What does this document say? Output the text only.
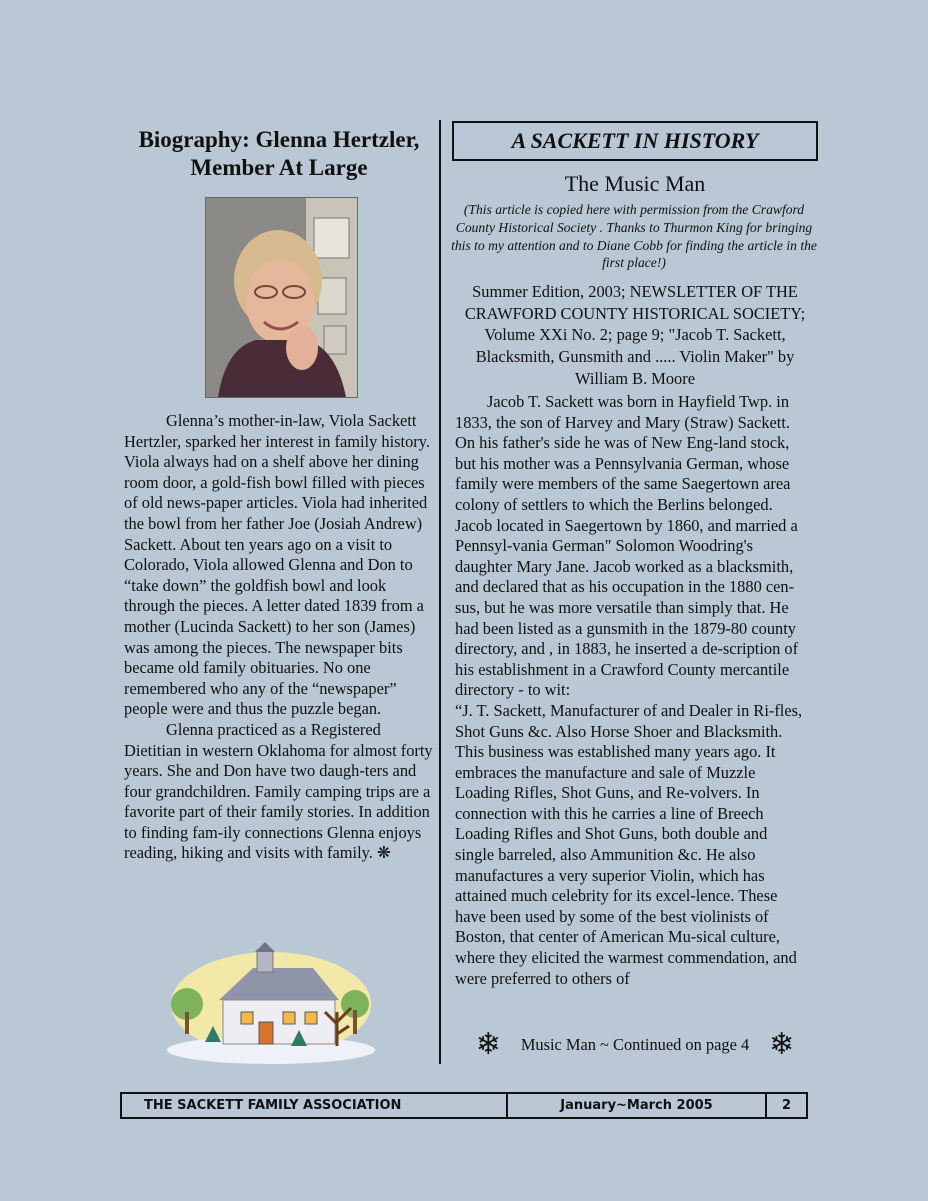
Biography: Glenna Hertzler, Member At Large

Glenna’s mother-in-law, Viola Sackett Hertzler, sparked her interest in family history. Viola always had on a shelf above her dining room door, a gold-fish bowl filled with pieces of old news-paper articles. Viola had inherited the bowl from her father Joe (Josiah Andrew) Sackett. About ten years ago on a visit to Colorado, Viola allowed Glenna and Don to “take down” the goldfish bowl and look through the pieces. A letter dated 1839 from a mother (Lucinda Sackett) to her son (James) was among the pieces. The newspaper bits became old family obituaries. No one remembered who any of the “newspaper” people were and thus the puzzle began.

Glenna practiced as a Registered Dietitian in western Oklahoma for almost forty years. She and Don have two daugh-ters and four grandchildren. Family camping trips are a favorite part of their family stories. In addition to finding fam-ily connections Glenna enjoys reading, hiking and visits with family. ❋

A SACKETT IN HISTORY
The Music Man
(This article is copied here with permission from the Crawford County Historical Society . Thanks to Thurmon King for bringing this to my attention and to Diane Cobb for finding the article in the first place!)
Summer Edition, 2003; NEWSLETTER OF THE CRAWFORD COUNTY HISTORICAL SOCIETY; Volume XXi No. 2; page 9; "Jacob T. Sackett, Blacksmith, Gunsmith and ..... Violin Maker" by William B. Moore

Jacob T. Sackett was born in Hayfield Twp. in 1833, the son of Harvey and Mary (Straw) Sackett. On his father's side he was of New Eng-land stock, but his mother was a Pennsylvania German, whose family were members of the same Saegertown area colony of settlers to which the Berlins belonged. Jacob located in Saegertown by 1860, and married a Pennsyl-vania German" Solomon Woodring's daughter Mary Jane. Jacob worked as a blacksmith, and declared that as his occupation in the 1880 cen-sus, but he was more versatile than simply that. He had been listed as a gunsmith in the 1879-80 county directory, and , in 1883, he inserted a de-scription of his establishment in a Crawford County mercantile directory - to wit:
“J. T. Sackett, Manufacturer of and Dealer in Ri-fles, Shot Guns &c. Also Horse Shoer and Blacksmith. This business was established many years ago. It embraces the manufacture and sale of Muzzle Loading Rifles, Shot Guns, and Re-volvers. In connection with this he carries a line of Breech Loading Rifles and Shot Guns, both double and single barreled, also Ammunition &c. He also manufactures a very superior Violin, which has attained much celebrity for its excel-lence. These have been used by some of the best violinists of Boston, that center of American Mu-sical culture, where they elicited the warmest commendation, and were preferred to others of

❄ Music Man ~ Continued on page 4 ❄
THE SACKETT FAMILY ASSOCIATION	January~March 2005	2
